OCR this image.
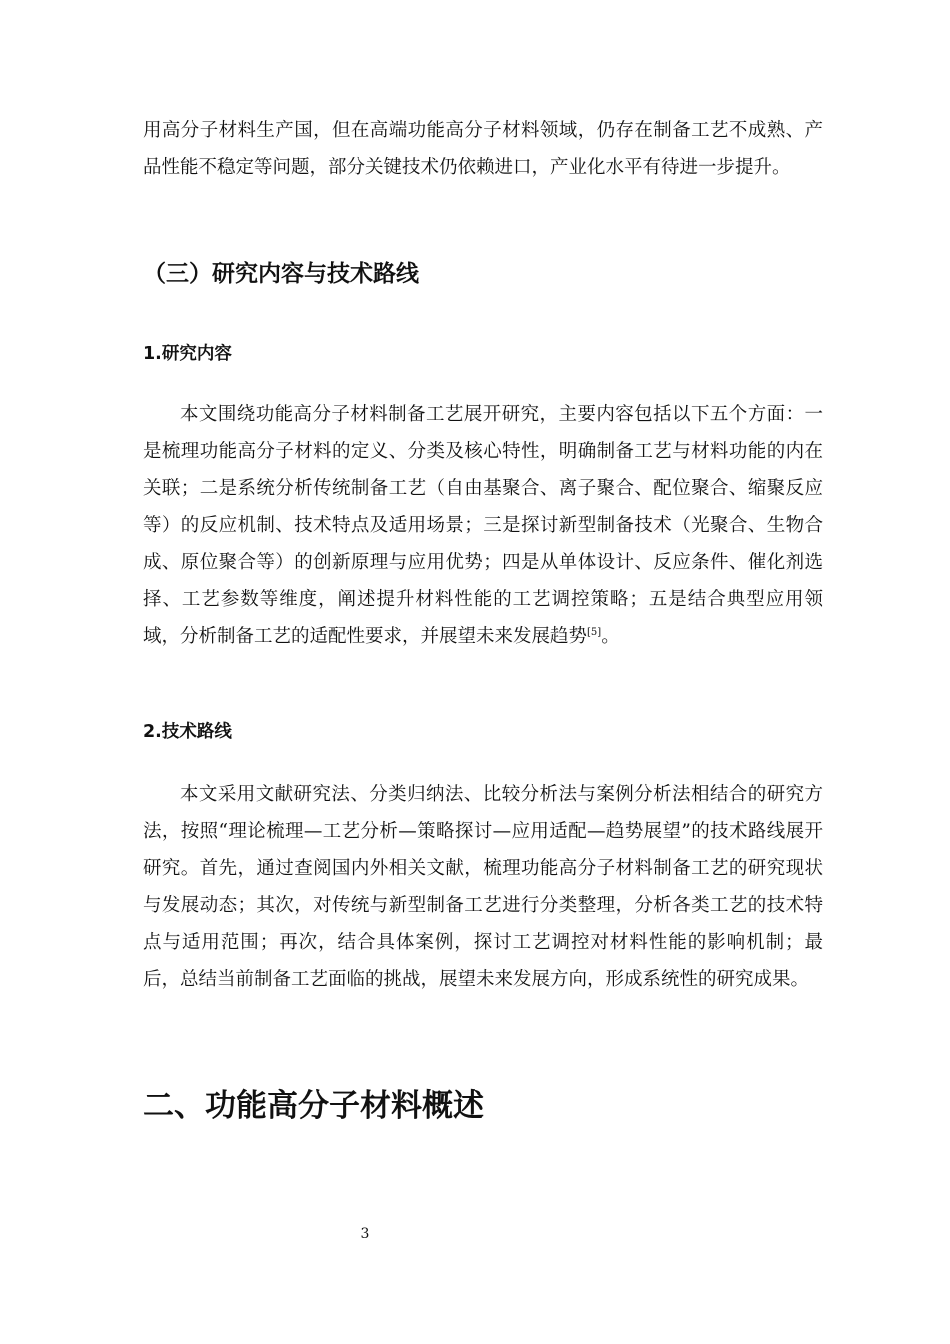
用高分子材料生产国，但在高端功能高分子材料领域，仍存在制备工艺不成熟、产品性能不稳定等问题，部分关键技术仍依赖进口，产业化水平有待进一步提升。

（三）研究内容与技术路线
1.研究内容

本文围绕功能高分子材料制备工艺展开研究，主要内容包括以下五个方面：一是梳理功能高分子材料的定义、分类及核心特性，明确制备工艺与材料功能的内在关联；二是系统分析传统制备工艺（自由基聚合、离子聚合、配位聚合、缩聚反应等）的反应机制、技术特点及适用场景；三是探讨新型制备技术（光聚合、生物合成、原位聚合等）的创新原理与应用优势；四是从单体设计、反应条件、催化剂选择、工艺参数等维度，阐述提升材料性能的工艺调控策略；五是结合典型应用领域，分析制备工艺的适配性要求，并展望未来发展趋势[5]。

2.技术路线

本文采用文献研究法、分类归纳法、比较分析法与案例分析法相结合的研究方法，按照“理论梳理—工艺分析—策略探讨—应用适配—趋势展望”的技术路线展开研究。首先，通过查阅国内外相关文献，梳理功能高分子材料制备工艺的研究现状与发展动态；其次，对传统与新型制备工艺进行分类整理，分析各类工艺的技术特点与适用范围；再次，结合具体案例，探讨工艺调控对材料性能的影响机制；最后，总结当前制备工艺面临的挑战，展望未来发展方向，形成系统性的研究成果。

二、功能高分子材料概述
3
